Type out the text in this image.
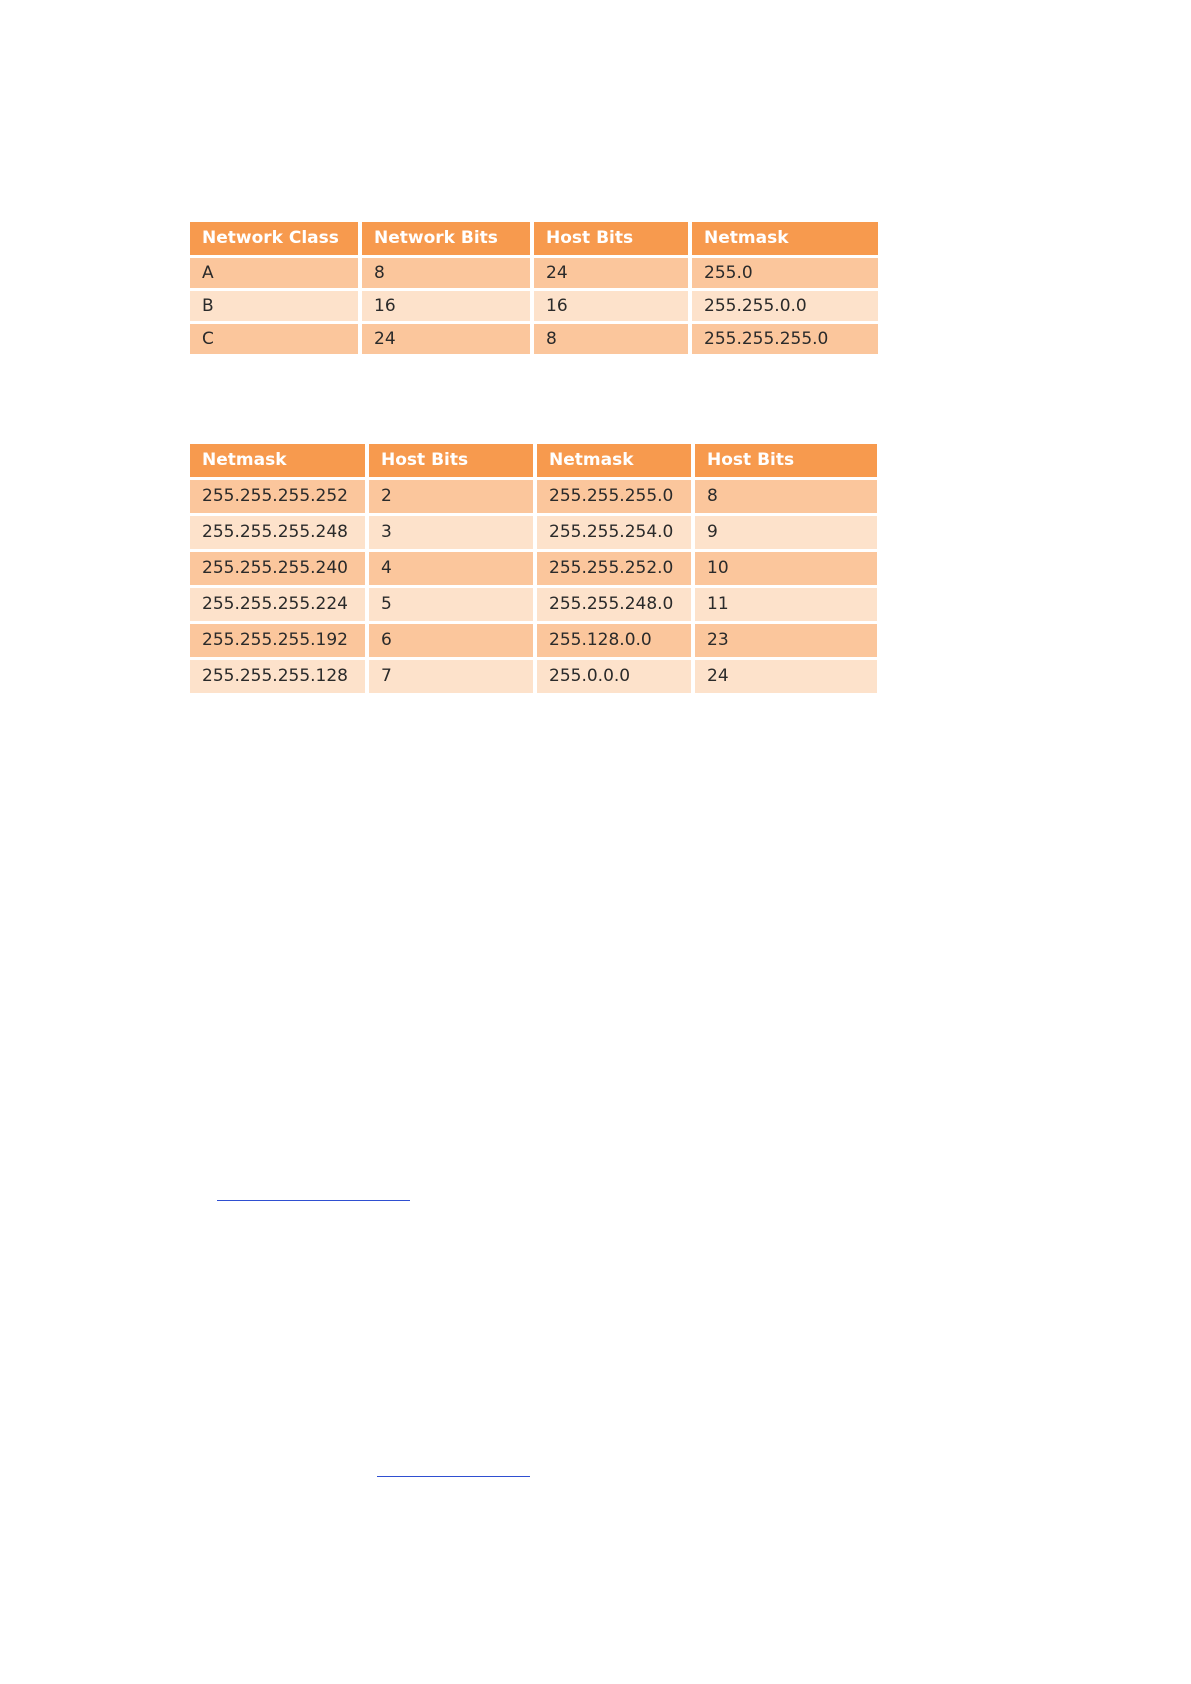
Network Class	Network Bits	Host Bits	Netmask
A	8	24	255.0
B	16	16	255.255.0.0
C	24	8	255.255.255.0
Netmask	Host Bits	Netmask	Host Bits
255.255.255.252	2	255.255.255.0	8
255.255.255.248	3	255.255.254.0	9
255.255.255.240	4	255.255.252.0	10
255.255.255.224	5	255.255.248.0	11
255.255.255.192	6	255.128.0.0	23
255.255.255.128	7	255.0.0.0	24
